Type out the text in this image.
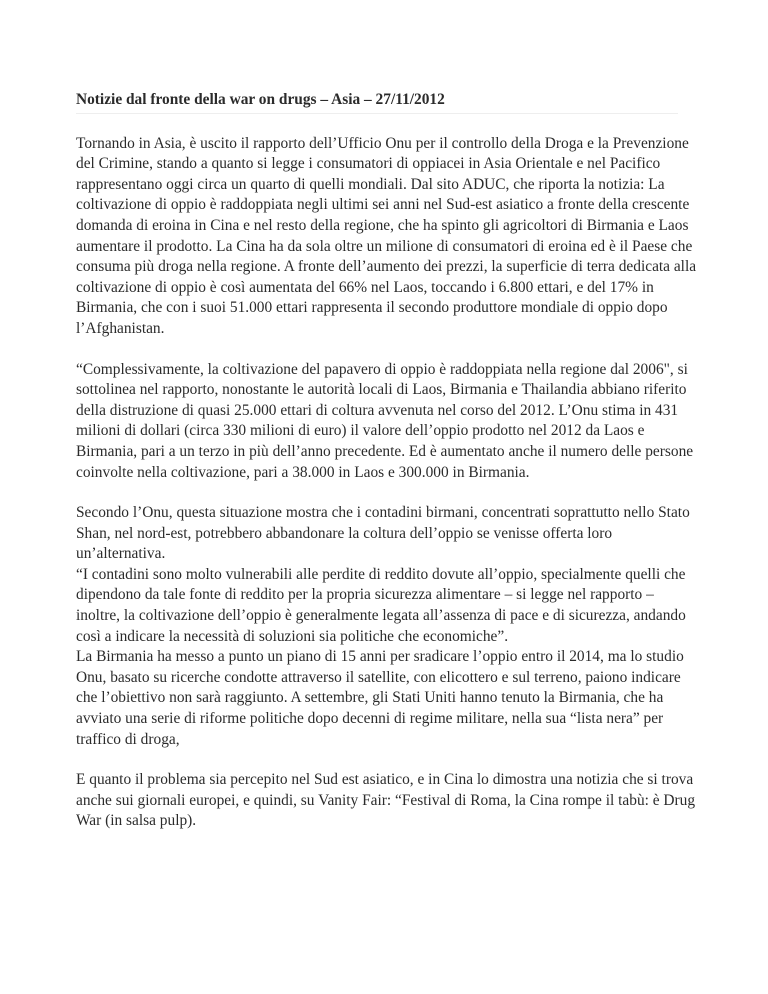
Notizie dal fronte della war on drugs – Asia – 27/11/2012

Tornando in Asia, è uscito il rapporto dell’Ufficio Onu per il controllo della Droga e la Prevenzione del Crimine, stando a quanto si legge i consumatori di oppiacei in Asia Orientale e nel Pacifico rappresentano oggi circa un quarto di quelli mondiali. Dal sito ADUC, che riporta la notizia: La coltivazione di oppio è raddoppiata negli ultimi sei anni nel Sud-est asiatico a fronte della crescente domanda di eroina in Cina e nel resto della regione, che ha spinto gli agricoltori di Birmania e Laos aumentare il prodotto. La Cina ha da sola oltre un milione di consumatori di eroina ed è il Paese che consuma più droga nella regione. A fronte dell’aumento dei prezzi, la superficie di terra dedicata alla coltivazione di oppio è così aumentata del 66% nel Laos, toccando i 6.800 ettari, e del 17% in Birmania, che con i suoi 51.000 ettari rappresenta il secondo produttore mondiale di oppio dopo l’Afghanistan.

“Complessivamente, la coltivazione del papavero di oppio è raddoppiata nella regione dal 2006", si sottolinea nel rapporto, nonostante le autorità locali di Laos, Birmania e Thailandia abbiano riferito della distruzione di quasi 25.000 ettari di coltura avvenuta nel corso del 2012. L’Onu stima in 431 milioni di dollari (circa 330 milioni di euro) il valore dell’oppio prodotto nel 2012 da Laos e Birmania, pari a un terzo in più dell’anno precedente. Ed è aumentato anche il numero delle persone coinvolte nella coltivazione, pari a 38.000 in Laos e 300.000 in Birmania.

Secondo l’Onu, questa situazione mostra che i contadini birmani, concentrati soprattutto nello Stato Shan, nel nord-est, potrebbero abbandonare la coltura dell’oppio se venisse offerta loro un’alternativa.

“I contadini sono molto vulnerabili alle perdite di reddito dovute all’oppio, specialmente quelli che dipendono da tale fonte di reddito per la propria sicurezza alimentare – si legge nel rapporto – inoltre, la coltivazione dell’oppio è generalmente legata all’assenza di pace e di sicurezza, andando così a indicare la necessità di soluzioni sia politiche che economiche”.

La Birmania ha messo a punto un piano di 15 anni per sradicare l’oppio entro il 2014, ma lo studio Onu, basato su ricerche condotte attraverso il satellite, con elicottero e sul terreno, paiono indicare che l’obiettivo non sarà raggiunto. A settembre, gli Stati Uniti hanno tenuto la Birmania, che ha avviato una serie di riforme politiche dopo decenni di regime militare, nella sua “lista nera” per traffico di droga,

E quanto il problema sia percepito nel Sud est asiatico, e in Cina lo dimostra una notizia che si trova anche sui giornali europei, e quindi, su Vanity Fair: “Festival di Roma, la Cina rompe il tabù: è Drug War (in salsa pulp).
